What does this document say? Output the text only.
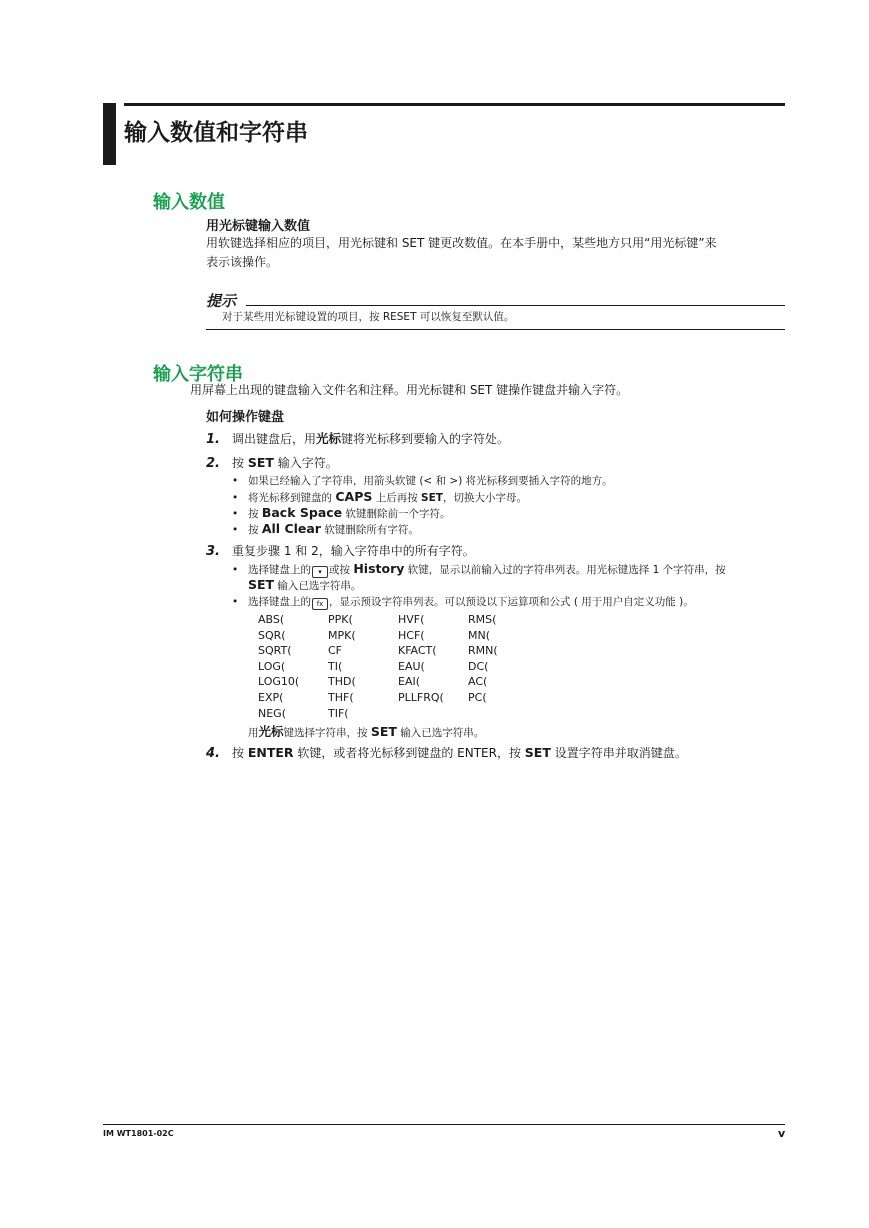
输入数值和字符串
输入数值
用光标键输入数值

用软键选择相应的项目，用光标键和 SET 键更改数值。在本手册中，某些地方只用“用光标键”来

表示该操作。

提示

对于某些用光标键设置的项目，按 RESET 可以恢复至默认值。

输入字符串

用屏幕上出现的键盘输入文件名和注释。用光标键和 SET 键操作键盘并输入字符。

如何操作键盘

1. 调出键盘后，用光标键将光标移到要输入的字符处。

2. 按 SET 输入字符。

• 如果已经输入了字符串，用箭头软键 (< 和 >) 将光标移到要插入字符的地方。

• 将光标移到键盘的 CAPS 上后再按 SET，切换大小字母。

• 按 Back Space 软键删除前一个字符。

• 按 All Clear 软键删除所有字符。

3. 重复步骤 1 和 2，输入字符串中的所有字符。

• 选择键盘上的 ▾ 或按 History 软键，显示以前输入过的字符串列表。用光标键选择 1 个字符串，按

SET 输入已选字符串。

• 选择键盘上的 fx ，显示预设字符串列表。可以预设以下运算项和公式 ( 用于用户自定义功能 )。

ABS(

SQR(

SQRT(

LOG(

LOG10(

EXP(

NEG(

PPK(

MPK(

CF

TI(

THD(

THF(

TIF(

HVF(

HCF(

KFACT(

EAU(

EAI(

PLLFRQ(

RMS(

MN(

RMN(

DC(

AC(

PC(

用光标键选择字符串，按 SET 输入已选字符串。

4. 按 ENTER 软键，或者将光标移到键盘的 ENTER，按 SET 设置字符串并取消键盘。

IM WT1801-02C	v
